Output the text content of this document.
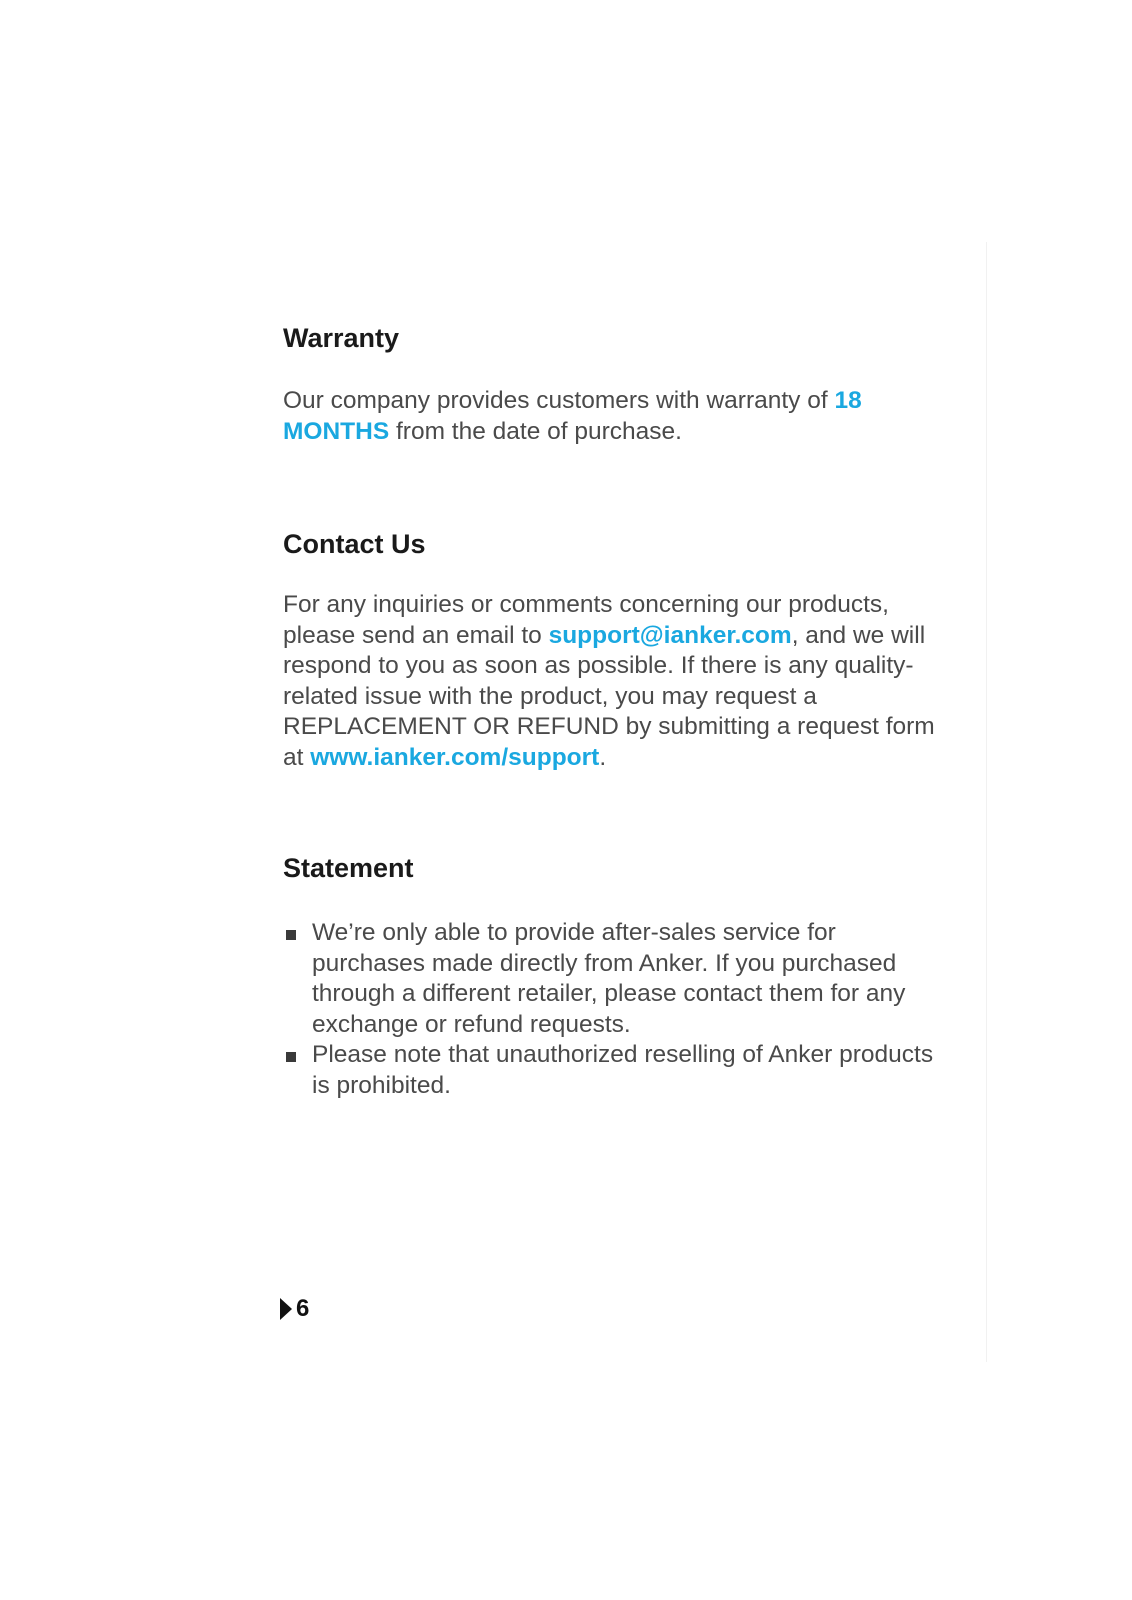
Warranty

Our company provides customers with warranty of 18 MONTHS from the date of purchase.

Contact Us

For any inquiries or comments concerning our products, please send an email to support@ianker.com, and we will respond to you as soon as possible. If there is any quality-related issue with the product, you may request a REPLACEMENT OR REFUND by submitting a request form at www.ianker.com/support.

Statement
We’re only able to provide after-sales service for purchases made directly from Anker. If you purchased through a different retailer, please contact them for any exchange or refund requests.
Please note that unauthorized reselling of Anker products is prohibited.
6
